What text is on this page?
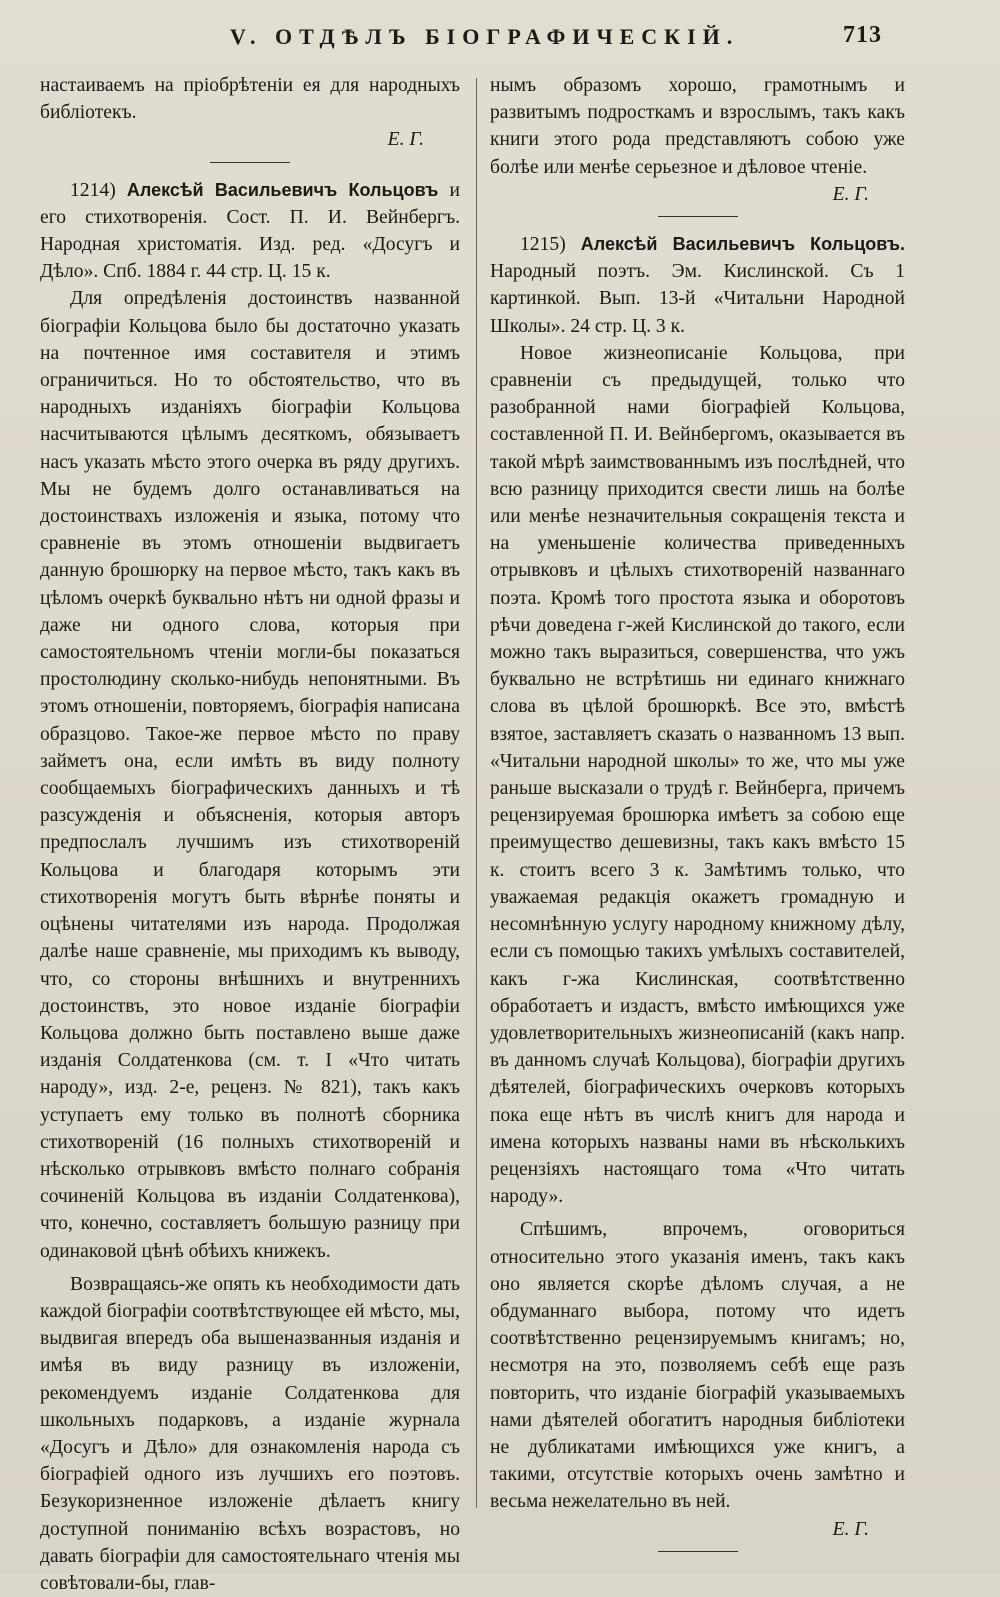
V. ОТДѢЛЪ БІОГРАФИЧЕСКІЙ.	713

настаиваемъ на пріобрѣтеніи ея для народныхъ библіотекъ.

Е. Г.

1214) Алексѣй Васильевичъ Кольцовъ и его стихотворенія. Сост. П. И. Вейнбергъ. Народная христоматія. Изд. ред. «Досугъ и Дѣло». Спб. 1884 г. 44 стр. Ц. 15 к.

Для опредѣленія достоинствъ названной біографіи Кольцова было бы достаточно указать на почтенное имя составителя и этимъ ограничиться. Но то обстоятельство, что въ народныхъ изданіяхъ біографіи Кольцова насчитываются цѣлымъ десяткомъ, обязываетъ насъ указать мѣсто этого очерка въ ряду другихъ. Мы не будемъ долго останавливаться на достоинствахъ изложенія и языка, потому что сравненіе въ этомъ отношеніи выдвигаетъ данную брошюрку на первое мѣсто, такъ какъ въ цѣломъ очеркѣ буквально нѣтъ ни одной фразы и даже ни одного слова, которыя при самостоятельномъ чтеніи могли-бы показаться простолюдину сколько-нибудь непонятными. Въ этомъ отношеніи, повторяемъ, біографія написана образцово. Такое-же первое мѣсто по праву займетъ она, если имѣть въ виду полноту сообщаемыхъ біографическихъ данныхъ и тѣ разсужденія и объясненія, которыя авторъ предпослалъ лучшимъ изъ стихотвореній Кольцова и благодаря которымъ эти стихотворенія могутъ быть вѣрнѣе поняты и оцѣнены читателями изъ народа. Продолжая далѣе наше сравненіе, мы приходимъ къ выводу, что, со стороны внѣшнихъ и внутреннихъ достоинствъ, это новое изданіе біографіи Кольцова должно быть поставлено выше даже изданія Солдатенкова (см. т. I «Что читать народу», изд. 2-е, реценз. № 821), такъ какъ уступаетъ ему только въ полнотѣ сборника стихотвореній (16 полныхъ стихотвореній и нѣсколько отрывковъ вмѣсто полнаго собранія сочиненій Кольцова въ изданіи Солдатенкова), что, конечно, составляетъ большую разницу при одинаковой цѣнѣ обѣихъ книжекъ.

Возвращаясь-же опять къ необходимости дать каждой біографіи соотвѣтствующее ей мѣсто, мы, выдвигая впередъ оба вышеназванныя изданія и имѣя въ виду разницу въ изложеніи, рекомендуемъ изданіе Солдатенкова для школьныхъ подарковъ, а изданіе журнала «Досугъ и Дѣло» для ознакомленія народа съ біографіей одного изъ лучшихъ его поэтовъ. Безукоризненное изложеніе дѣлаетъ книгу доступной пониманію всѣхъ возрастовъ, но давать біографіи для самостоятельнаго чтенія мы совѣтовали-бы, глав-

нымъ образомъ хорошо, грамотнымъ и развитымъ подросткамъ и взрослымъ, такъ какъ книги этого рода представляютъ собою уже болѣе или менѣе серьезное и дѣловое чтеніе.

Е. Г.

1215) Алексѣй Васильевичъ Кольцовъ. Народный поэтъ. Эм. Кислинской. Съ 1 картинкой. Вып. 13-й «Читальни Народной Школы». 24 стр. Ц. 3 к.

Новое жизнеописаніе Кольцова, при сравненіи съ предыдущей, только что разобранной нами біографіей Кольцова, составленной П. И. Вейнбергомъ, оказывается въ такой мѣрѣ заимствованнымъ изъ послѣдней, что всю разницу приходится свести лишь на болѣе или менѣе незначительныя сокращенія текста и на уменьшеніе количества приведенныхъ отрывковъ и цѣлыхъ стихотвореній названнаго поэта. Кромѣ того простота языка и оборотовъ рѣчи доведена г-жей Кислинской до такого, если можно такъ выразиться, совершенства, что ужъ буквально не встрѣтишь ни единаго книжнаго слова въ цѣлой брошюркѣ. Все это, вмѣстѣ взятое, заставляетъ сказать о названномъ 13 вып. «Читальни народной школы» то же, что мы уже раньше высказали о трудѣ г. Вейнберга, причемъ рецензируемая брошюрка имѣетъ за собою еще преимущество дешевизны, такъ какъ вмѣсто 15 к. стоитъ всего 3 к. Замѣтимъ только, что уважаемая редакція окажетъ громадную и несомнѣнную услугу народному книжному дѣлу, если съ помощью такихъ умѣлыхъ составителей, какъ г-жа Кислинская, соотвѣтственно обработаетъ и издастъ, вмѣсто имѣющихся уже удовлетворительныхъ жизнеописаній (какъ напр. въ данномъ случаѣ Кольцова), біографіи другихъ дѣятелей, біографическихъ очерковъ которыхъ пока еще нѣтъ въ числѣ книгъ для народа и имена которыхъ названы нами въ нѣсколькихъ рецензіяхъ настоящаго тома «Что читать народу».

Спѣшимъ, впрочемъ, оговориться относительно этого указанія именъ, такъ какъ оно является скорѣе дѣломъ случая, а не обдуманнаго выбора, потому что идетъ соотвѣтственно рецензируемымъ книгамъ; но, несмотря на это, позволяемъ себѣ еще разъ повторить, что изданіе біографій указываемыхъ нами дѣятелей обогатитъ народныя библіотеки не дубликатами имѣющихся уже книгъ, а такими, отсутствіе которыхъ очень замѣтно и весьма нежелательно въ ней.

Е. Г.
